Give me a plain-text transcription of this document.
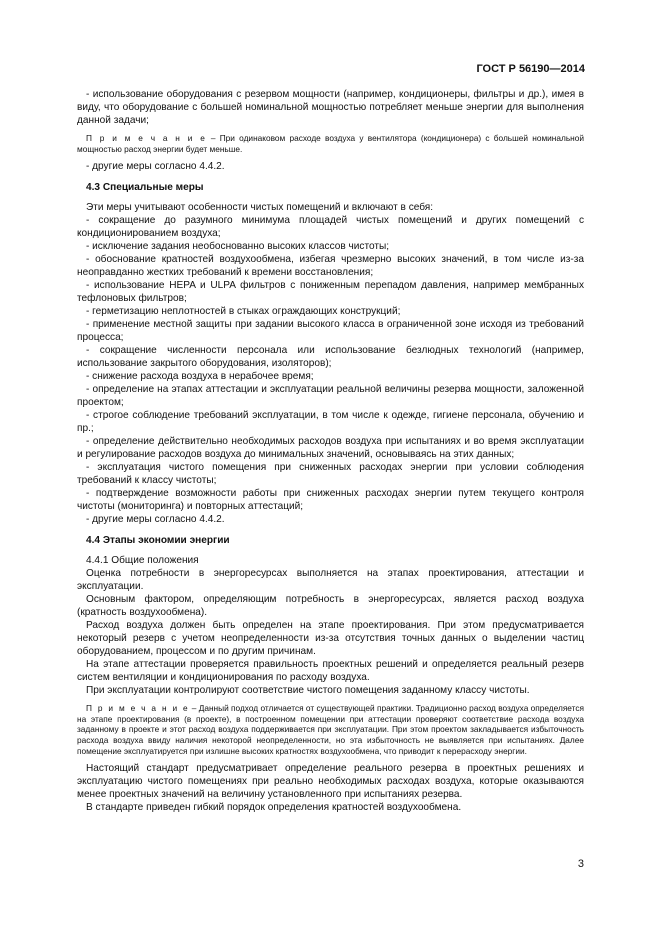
ГОСТ Р 56190—2014

- использование оборудования с резервом мощности (например, кондиционеры, фильтры и др.), имея в виду, что оборудование с большей номинальной мощностью потребляет меньше энергии для выполнения данной задачи;

П р и м е ч а н и е – При одинаковом расходе воздуха у вентилятора (кондиционера) с большей номинальной мощностью расход энергии будет меньше.

- другие меры согласно 4.4.2.

4.3 Специальные меры

Эти меры учитывают особенности чистых помещений и включают в себя:

- сокращение до разумного минимума площадей чистых помещений и других помещений с кондиционированием воздуха;

- исключение задания необоснованно высоких классов чистоты;

- обоснование кратностей воздухообмена, избегая чрезмерно высоких значений, в том числе из-за неоправданно жестких требований к времени восстановления;

- использование HEPA и ULPA фильтров с пониженным перепадом давления, например мембранных тефлоновых фильтров;

- герметизацию неплотностей в стыках ограждающих конструкций;

- применение местной защиты при задании высокого класса в ограниченной зоне исходя из требований процесса;

- сокращение численности персонала или использование безлюдных технологий (например, использование закрытого оборудования, изоляторов);

- снижение расхода воздуха в нерабочее время;

- определение на этапах аттестации и эксплуатации реальной величины резерва мощности, заложенной проектом;

- строгое соблюдение требований эксплуатации, в том числе к одежде, гигиене персонала, обучению и пр.;

- определение действительно необходимых расходов воздуха при испытаниях и во время эксплуатации и регулирование расходов воздуха до минимальных значений, основываясь на этих данных;

- эксплуатация чистого помещения при сниженных расходах энергии при условии соблюдения требований к классу чистоты;

- подтверждение возможности работы при сниженных расходах энергии путем текущего контроля чистоты (мониторинга) и повторных аттестаций;

- другие меры согласно 4.4.2.

4.4 Этапы экономии энергии

4.4.1 Общие положения

Оценка потребности в энергоресурсах выполняется на этапах проектирования, аттестации и эксплуатации.

Основным фактором, определяющим потребность в энергоресурсах, является расход воздуха (кратность воздухообмена).

Расход воздуха должен быть определен на этапе проектирования. При этом предусматривается некоторый резерв с учетом неопределенности из-за отсутствия точных данных о выделении частиц оборудованием, процессом и по другим причинам.

На этапе аттестации проверяется правильность проектных решений и определяется реальный резерв систем вентиляции и кондиционирования по расходу воздуха.

При эксплуатации контролируют соответствие чистого помещения заданному классу чистоты.

П р и м е ч а н и е – Данный подход отличается от существующей практики. Традиционно расход воздуха определяется на этапе проектирования (в проекте), в построенном помещении при аттестации проверяют соответствие расхода воздуха заданному в проекте и этот расход воздуха поддерживается при эксплуатации. При этом проектом закладывается избыточность расхода воздуха ввиду наличия некоторой неопределенности, но эта избыточность не выявляется при испытаниях. Далее помещение эксплуатируется при излишне высоких кратностях воздухообмена, что приводит к перерасходу энергии.

Настоящий стандарт предусматривает определение реального резерва в проектных решениях и эксплуатацию чистого помещениях при реально необходимых расходах воздуха, которые оказываются менее проектных значений на величину установленного при испытаниях резерва.

В стандарте приведен гибкий порядок определения кратностей воздухообмена.

3
